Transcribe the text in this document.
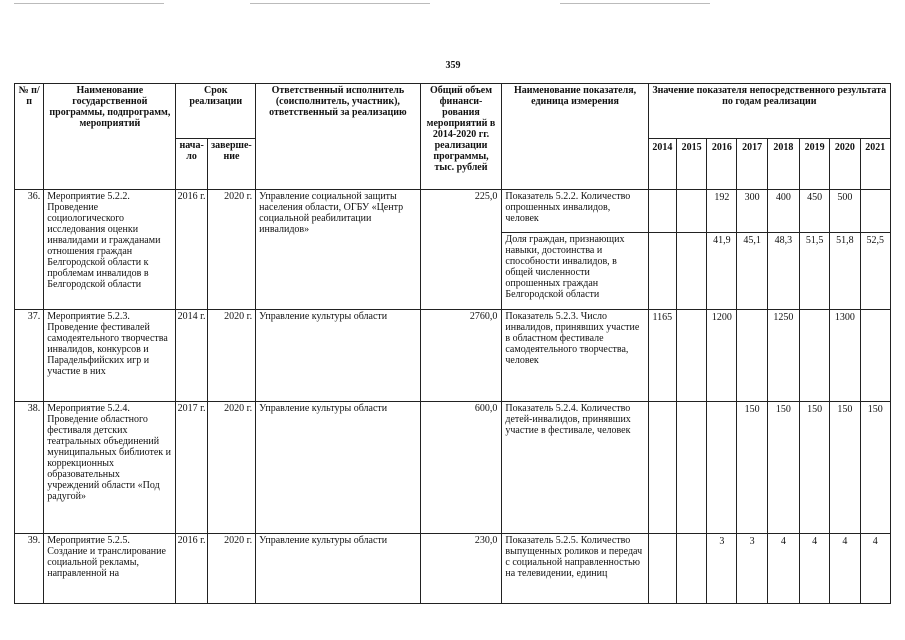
359
№ п/п	Наименование государственной программы, подпрограмм, мероприятий	Срок реализации		Ответственный исполнитель (соисполнитель, участник), ответственный за реализацию	Общий объем финанси-рования мероприятий в 2014-2020 гг. реализации программы, тыс. рублей	Наименование показателя, единица измерения	Значение показателя непосредственного результата по годам реализации							
		нача-ло	заверше-ние				2014	2015	2016	2017	2018	2019	2020	2021
36.	Мероприятие 5.2.2. Проведение социологического исследования оценки инвалидами и гражданами отношения граждан Белгородской области к проблемам инвалидов в Белгородской области	2016 г.	2020 г.	Управление социальной защиты населения области, ОГБУ «Центр социальной реабилитации инвалидов»	225,0	Показатель 5.2.2. Количество опрошенных инвалидов, человек			192	300	400	450	500	
						Доля граждан, признающих навыки, достоинства и способности инвалидов, в общей численности опрошенных граждан Белгородской области			41,9	45,1	48,3	51,5	51,8	52,5
37.	Мероприятие 5.2.3. Проведение фестивалей самодеятельного творчества инвалидов, конкурсов и Парадельфийских игр и участие в них	2014 г.	2020 г.	Управление культуры области	2760,0	Показатель 5.2.3. Число инвалидов, принявших участие в областном фестивале самодеятельного творчества, человек	1165		1200		1250		1300	
38.	Мероприятие 5.2.4. Проведение областного фестиваля детских театральных объединений муниципальных библиотек и коррекционных образовательных учреждений области «Под радугой»	2017 г.	2020 г.	Управление культуры области	600,0	Показатель 5.2.4. Количество детей-инвалидов, принявших участие в фестивале, человек				150	150	150	150	150
39.	Мероприятие 5.2.5. Создание и транслирование социальной рекламы, направленной на	2016 г.	2020 г.	Управление культуры области	230,0	Показатель 5.2.5. Количество выпущенных роликов и передач с социальной направленностью на телевидении, единиц			3	3	4	4	4	4
